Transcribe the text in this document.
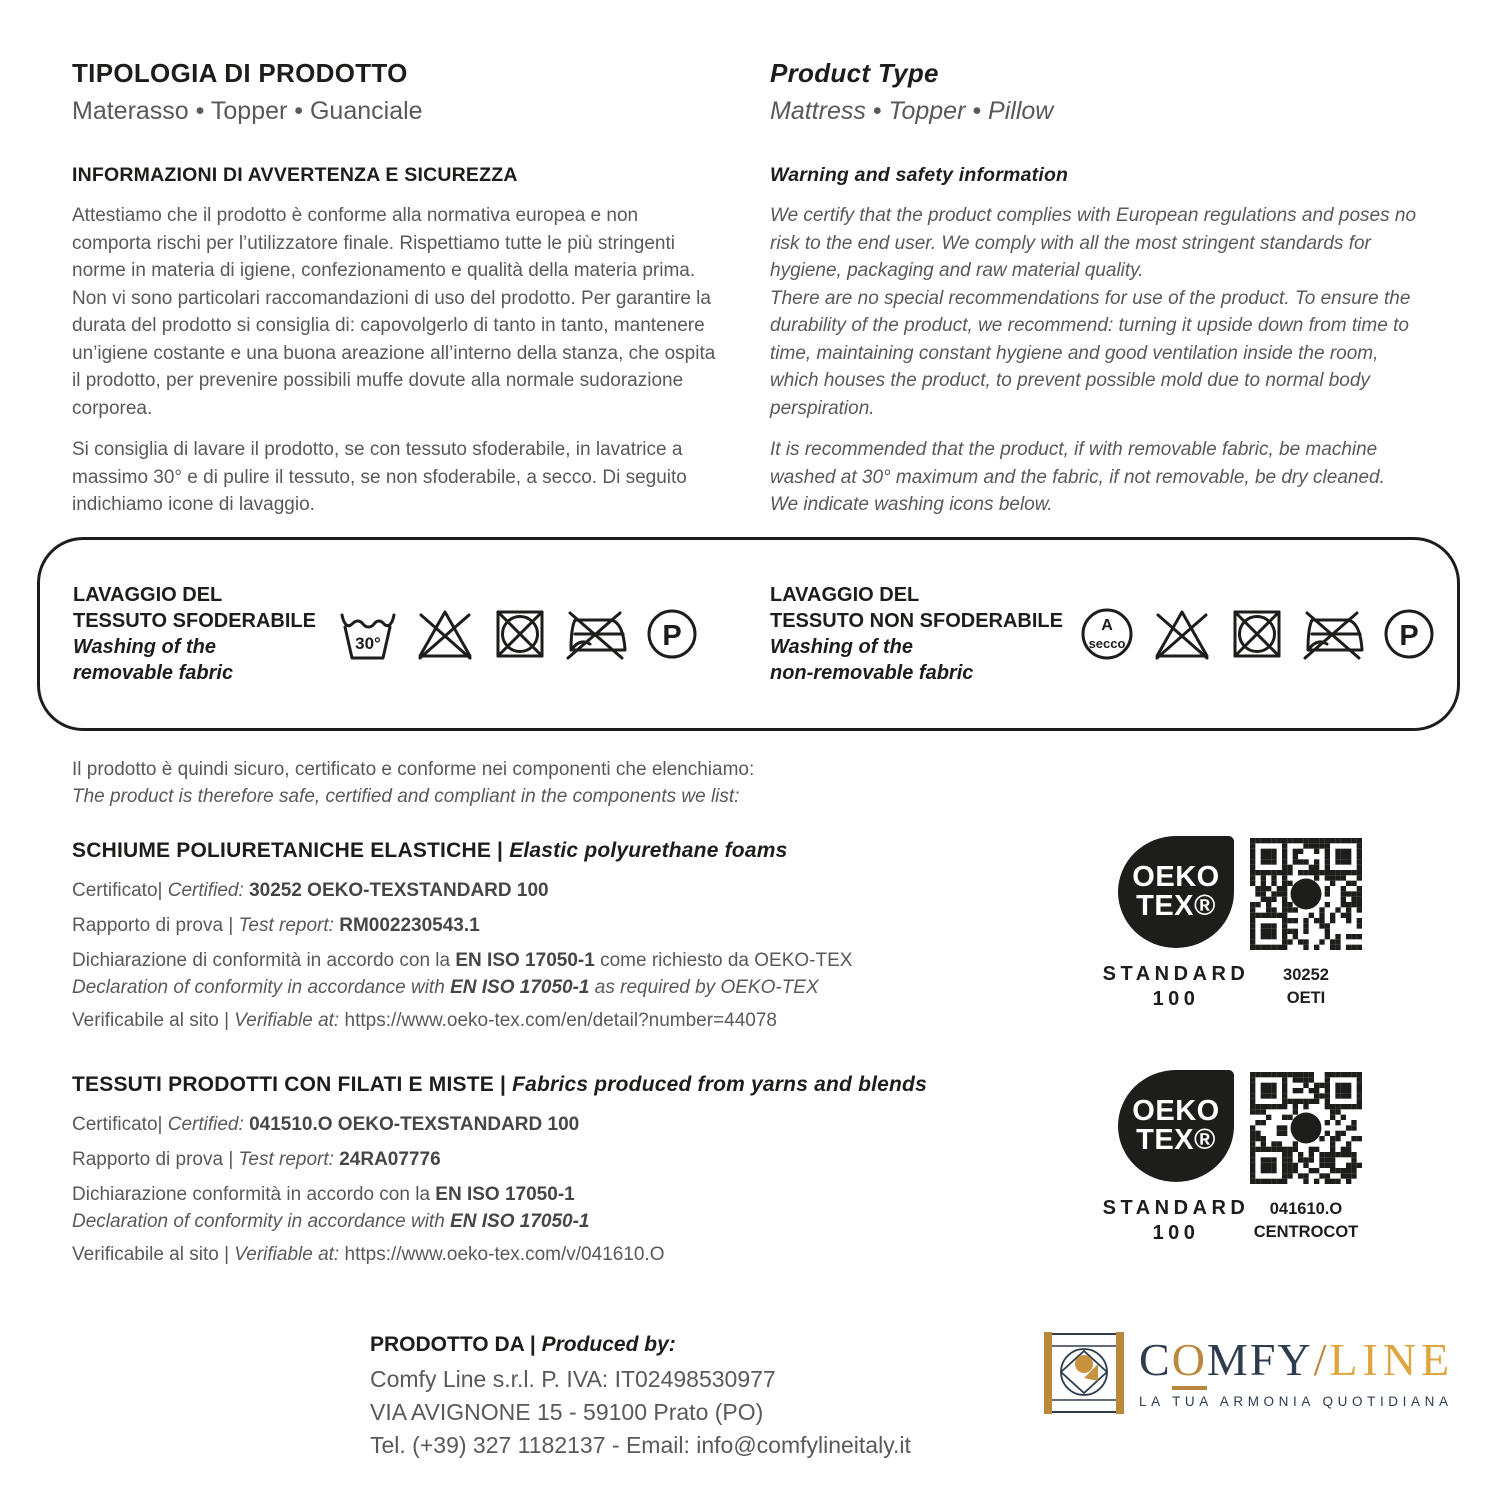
TIPOLOGIA DI PRODOTTO
Materasso • Topper • Guanciale
INFORMAZIONI DI AVVERTENZA E SICUREZZA

Attestiamo che il prodotto è conforme alla normativa europea e non comporta rischi per l’utilizzatore finale. Rispettiamo tutte le più stringenti norme in materia di igiene, confezionamento e qualità della materia prima.

Non vi sono particolari raccomandazioni di uso del prodotto. Per garantire la durata del prodotto si consiglia di: capovolgerlo di tanto in tanto, mantenere un’igiene costante e una buona areazione all’interno della stanza, che ospita il prodotto, per prevenire possibili muffe dovute alla normale sudorazione corporea.

Si consiglia di lavare il prodotto, se con tessuto sfoderabile, in lavatrice a massimo 30° e di pulire il tessuto, se non sfoderabile, a secco. Di seguito indichiamo icone di lavaggio.

Product Type
Mattress • Topper • Pillow
Warning and safety information

We certify that the product complies with European regulations and poses no risk to the end user. We comply with all the most stringent standards for hygiene, packaging and raw material quality.

There are no special recommendations for use of the product. To ensure the durability of the product, we recommend: turning it upside down from time to time, maintaining constant hygiene and good ventilation inside the room, which houses the product, to prevent possible mold due to normal body perspiration.

It is recommended that the product, if with removable fabric, be machine washed at 30° maximum and the fabric, if not removable, be dry cleaned. We indicate washing icons below.

LAVAGGIO DEL
TESSUTO SFODERABILE
Washing of the
removable fabric
30°	P
LAVAGGIO DEL
TESSUTO NON SFODERABILE
Washing of the
non-removable fabric
A
secco	P
Il prodotto è quindi sicuro, certificato e conforme nei componenti che elenchiamo:
The product is therefore safe, certified and compliant in the components we list:
SCHIUME POLIURETANICHE ELASTICHE | Elastic polyurethane foams

Certificato| Certified: 30252 OEKO-TEXSTANDARD 100

Rapporto di prova | Test report: RM002230543.1

Dichiarazione di conformità in accordo con la EN ISO 17050-1 come richiesto da OEKO-TEX

Declaration of conformity in accordance with EN ISO 17050-1 as required by OEKO-TEX

Verificabile al sito | Verifiable at: https://www.oeko-tex.com/en/detail?number=44078

OEKO
TEX®
STANDARD
100
30252
OETI
TESSUTI PRODOTTI CON FILATI E MISTE | Fabrics produced from yarns and blends

Certificato| Certified: 041510.O OEKO-TEXSTANDARD 100

Rapporto di prova | Test report: 24RA07776

Dichiarazione conformità in accordo con la EN ISO 17050-1

Declaration of conformity in accordance with EN ISO 17050-1

Verificabile al sito | Verifiable at: https://www.oeko-tex.com/v/041610.O

OEKO
TEX®
STANDARD
100
041610.O
CENTROCOT
PRODOTTO DA | Produced by:

Comfy Line s.r.l. P. IVA: IT02498530977

VIA AVIGNONE 15 - 59100 Prato (PO)

Tel. (+39) 327 1182137 - Email: info@comfylineitaly.it

COMFY/LINE
LA TUA ARMONIA QUOTIDIANA
